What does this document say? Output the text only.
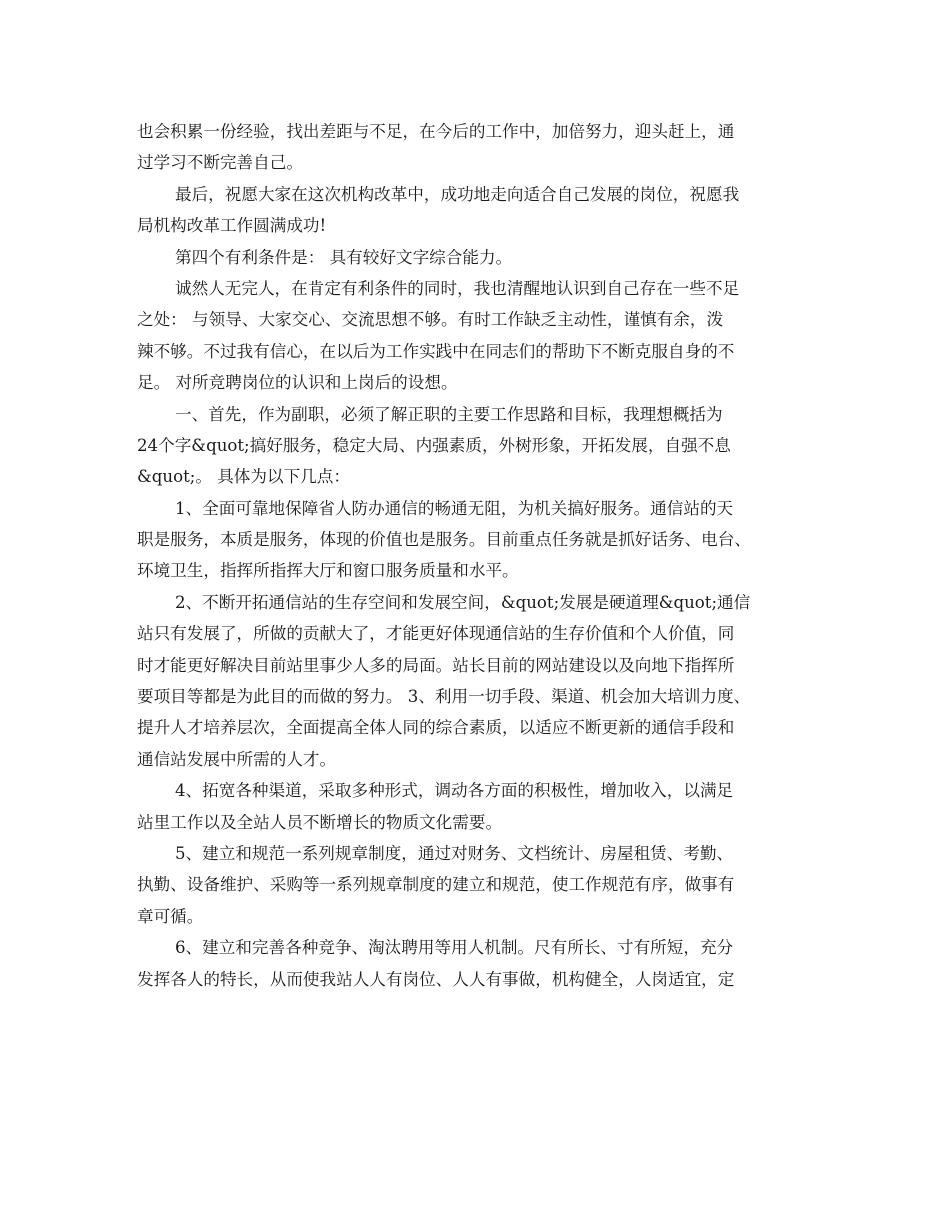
也会积累一份经验，找出差距与不足，在今后的工作中，加倍努力，迎头赶上，通
过学习不断完善自己。

最后，祝愿大家在这次机构改革中，成功地走向适合自己发展的岗位，祝愿我
局机构改革工作圆满成功!

第四个有利条件是： 具有较好文字综合能力。

诚然人无完人，在肯定有利条件的同时，我也清醒地认识到自己存在一些不足
之处： 与领导、大家交心、交流思想不够。有时工作缺乏主动性，谨慎有余，泼
辣不够。不过我有信心，在以后为工作实践中在同志们的帮助下不断克服自身的不
足。 对所竞聘岗位的认识和上岗后的设想。

一、首先，作为副职，必须了解正职的主要工作思路和目标，我理想概括为
24个字&quot;搞好服务，稳定大局、内强素质，外树形象，开拓发展，自强不息
&quot;。 具体为以下几点：

1、全面可靠地保障省人防办通信的畅通无阻，为机关搞好服务。通信站的天
职是服务，本质是服务，体现的价值也是服务。目前重点任务就是抓好话务、电台、
环境卫生，指挥所指挥大厅和窗口服务质量和水平。

2、不断开拓通信站的生存空间和发展空间，&quot;发展是硬道理&quot;通信
站只有发展了，所做的贡献大了，才能更好体现通信站的生存价值和个人价值，同
时才能更好解决目前站里事少人多的局面。站长目前的网站建设以及向地下指挥所
要项目等都是为此目的而做的努力。 3、利用一切手段、渠道、机会加大培训力度、
提升人才培养层次，全面提高全体人同的综合素质，以适应不断更新的通信手段和
通信站发展中所需的人才。

4、拓宽各种渠道，采取多种形式，调动各方面的积极性，增加收入，以满足
站里工作以及全站人员不断增长的物质文化需要。

5、建立和规范一系列规章制度，通过对财务、文档统计、房屋租赁、考勤、
执勤、设备维护、采购等一系列规章制度的建立和规范，使工作规范有序，做事有
章可循。

6、建立和完善各种竞争、淘汰聘用等用人机制。尺有所长、寸有所短，充分
发挥各人的特长，从而使我站人人有岗位、人人有事做，机构健全，人岗适宜，定
